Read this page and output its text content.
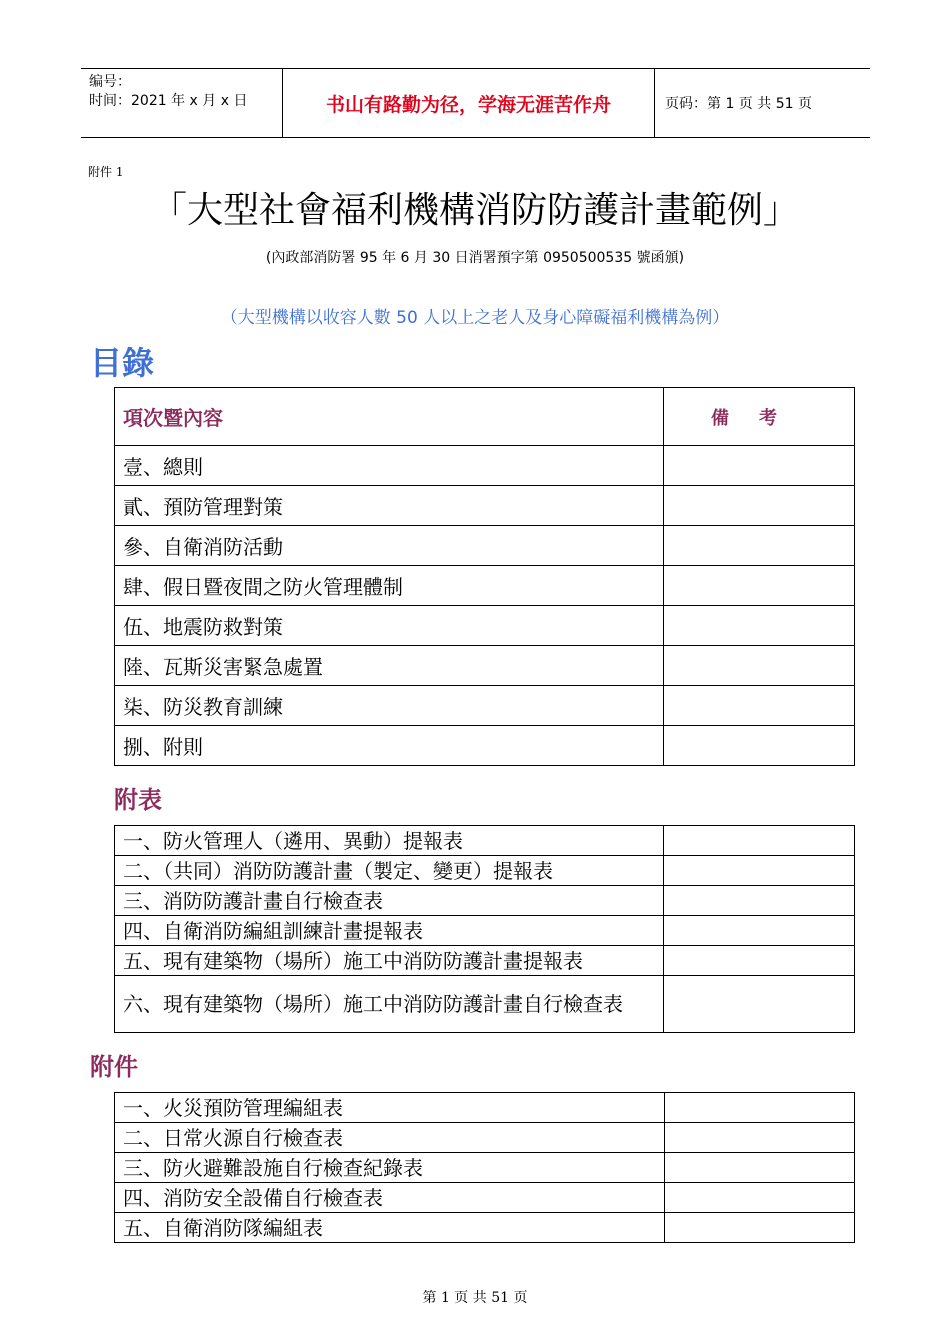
编号：
时间：2021 年 x 月 x 日	书山有路勤为径，学海无涯苦作舟	页码：第 1 页 共 51 页
附件 1
「大型社會福利機構消防防護計畫範例」
(內政部消防署 95 年 6 月 30 日消署預字第 0950500535 號函頒)
（大型機構以收容人數 50 人以上之老人及身心障礙福利機構為例）
目錄
項次暨內容	備考
壹、總則	
貳、預防管理對策	
參、自衛消防活動	
肆、假日暨夜間之防火管理體制	
伍、地震防救對策	
陸、瓦斯災害緊急處置	
柒、防災教育訓練	
捌、附則	
附表
一、防火管理人（遴用、異動）提報表	
二、（共同）消防防護計畫（製定、變更）提報表	
三、消防防護計畫自行檢查表	
四、自衛消防編組訓練計畫提報表	
五、現有建築物（場所）施工中消防防護計畫提報表	
六、現有建築物（場所）施工中消防防護計畫自行檢查表	
附件
一、火災預防管理編組表	
二、日常火源自行檢查表	
三、防火避難設施自行檢查紀錄表	
四、消防安全設備自行檢查表	
五、自衛消防隊編組表	
第 1 页 共 51 页
